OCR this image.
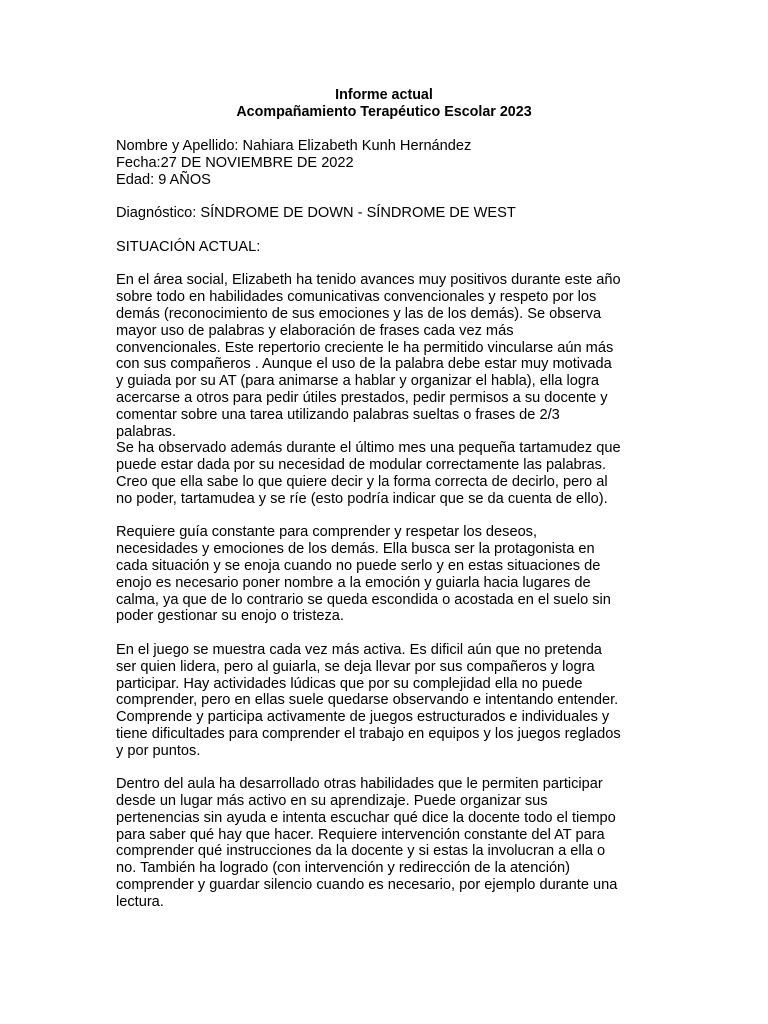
Informe actual
Acompañamiento Terapéutico Escolar 2023

Nombre y Apellido: Nahiara Elizabeth Kunh Hernández

Fecha:27 DE NOVIEMBRE DE 2022

Edad: 9 AÑOS

Diagnóstico: SÍNDROME DE DOWN - SÍNDROME DE WEST

SITUACIÓN ACTUAL:

En el área social, Elizabeth ha tenido avances muy positivos durante este año

sobre todo en habilidades comunicativas convencionales y respeto por los

demás (reconocimiento de sus emociones y las de los demás). Se observa

mayor uso de palabras y elaboración de frases cada vez más

convencionales. Este repertorio creciente le ha permitido vincularse aún más

con sus compañeros . Aunque el uso de la palabra debe estar muy motivada

y guiada por su AT (para animarse a hablar y organizar el habla), ella logra

acercarse a otros para pedir útiles prestados, pedir permisos a su docente y

comentar sobre una tarea utilizando palabras sueltas o frases de 2/3

palabras.

Se ha observado además durante el último mes una pequeña tartamudez que

puede estar dada por su necesidad de modular correctamente las palabras.

Creo que ella sabe lo que quiere decir y la forma correcta de decirlo, pero al

no poder, tartamudea y se ríe (esto podría indicar que se da cuenta de ello).

Requiere guía constante para comprender y respetar los deseos,

necesidades y emociones de los demás. Ella busca ser la protagonista en

cada situación y se enoja cuando no puede serlo y en estas situaciones de

enojo es necesario poner nombre a la emoción y guiarla hacia lugares de

calma, ya que de lo contrario se queda escondida o acostada en el suelo sin

poder gestionar su enojo o tristeza.

En el juego se muestra cada vez más activa. Es dificil aún que no pretenda

ser quien lidera, pero al guiarla, se deja llevar por sus compañeros y logra

participar. Hay actividades lúdicas que por su complejidad ella no puede

comprender, pero en ellas suele quedarse observando e intentando entender.

Comprende y participa activamente de juegos estructurados e individuales y

tiene dificultades para comprender el trabajo en equipos y los juegos reglados

y por puntos.

Dentro del aula ha desarrollado otras habilidades que le permiten participar

desde un lugar más activo en su aprendizaje. Puede organizar sus

pertenencias sin ayuda e intenta escuchar qué dice la docente todo el tiempo

para saber qué hay que hacer. Requiere intervención constante del AT para

comprender qué instrucciones da la docente y si estas la involucran a ella o

no. También ha logrado (con intervención y redirección de la atención)

comprender y guardar silencio cuando es necesario, por ejemplo durante una

lectura.
